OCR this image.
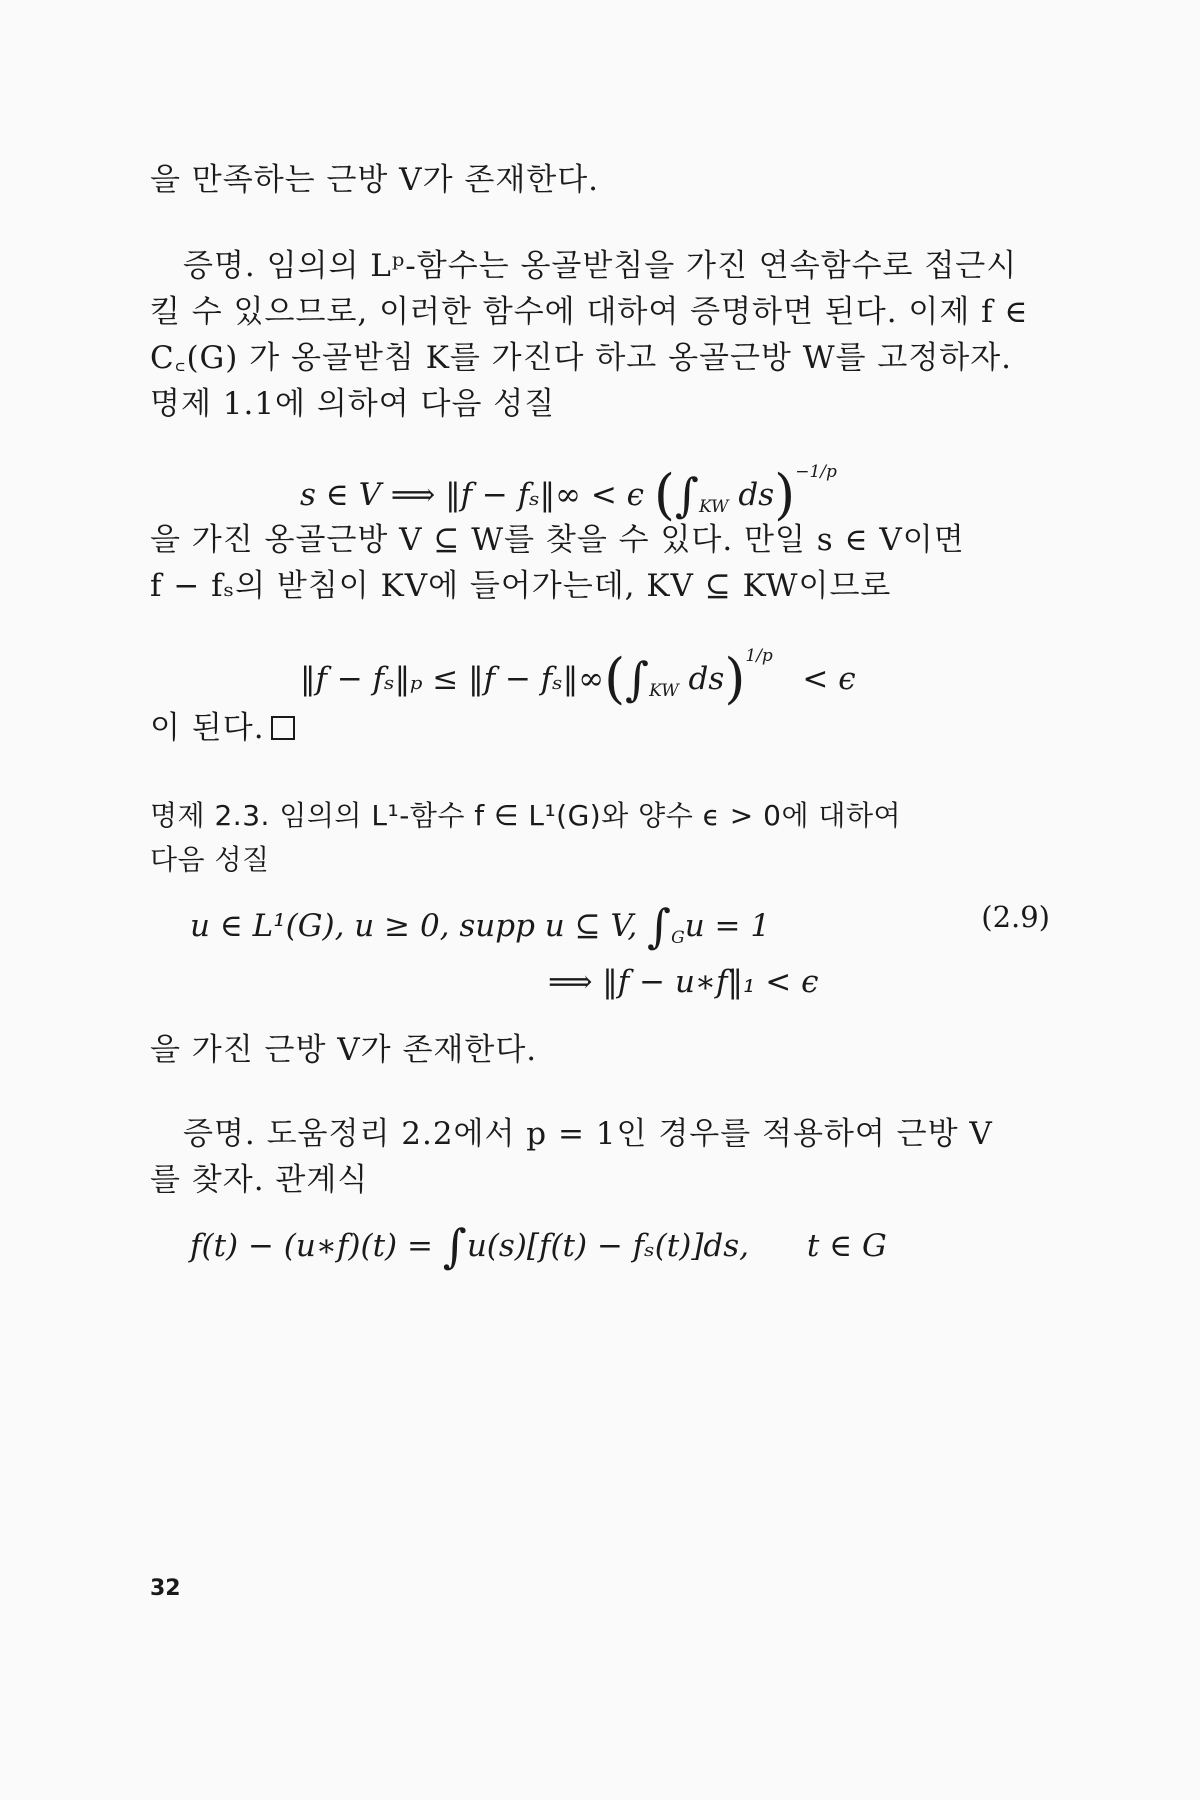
을 만족하는 근방 V가 존재한다.
증명. 임의의 Lᵖ-함수는 옹골받침을 가진 연속함수로 접근시
킬 수 있으므로, 이러한 함수에 대하여 증명하면 된다. 이제 f ∈
C꜀(G) 가 옹골받침 K를 가진다 하고 옹골근방 W를 고정하자.
명제 1.1에 의하여 다음 성질
s ∈ V ⟹ ‖f − fₛ‖∞ < ϵ ($\int_{KW}$ ds)$^{-1/p}$
을 가진 옹골근방 V ⊆ W를 찾을 수 있다. 만일 s ∈ V이면
f − fₛ의 받침이 KV에 들어가는데, KV ⊆ KW이므로
‖f − fₛ‖ₚ ≤ ‖f − $f_s‖\infty(\int_{KW}$ ds)$^{1/p}$   < ϵ
이 된다.
명제 2.3. 임의의 L¹-함수 f ∈ L¹(G)와 양수 ϵ > 0에 대하여
다음 성질
u ∈ L¹(G), u ≥ 0, supp u ⊆ V, $\int_Gu = 1$	(2.9)
⟹ ‖f − u∗f‖₁ < ϵ
을 가진 근방 V가 존재한다.
증명. 도움정리 2.2에서 p = 1인 경우를 적용하여 근방 V
를 찾자. 관계식
f(t) − (u∗f)(t) = ∫u(s)[f(t) − fₛ(t)]ds, t ∈ G
32
